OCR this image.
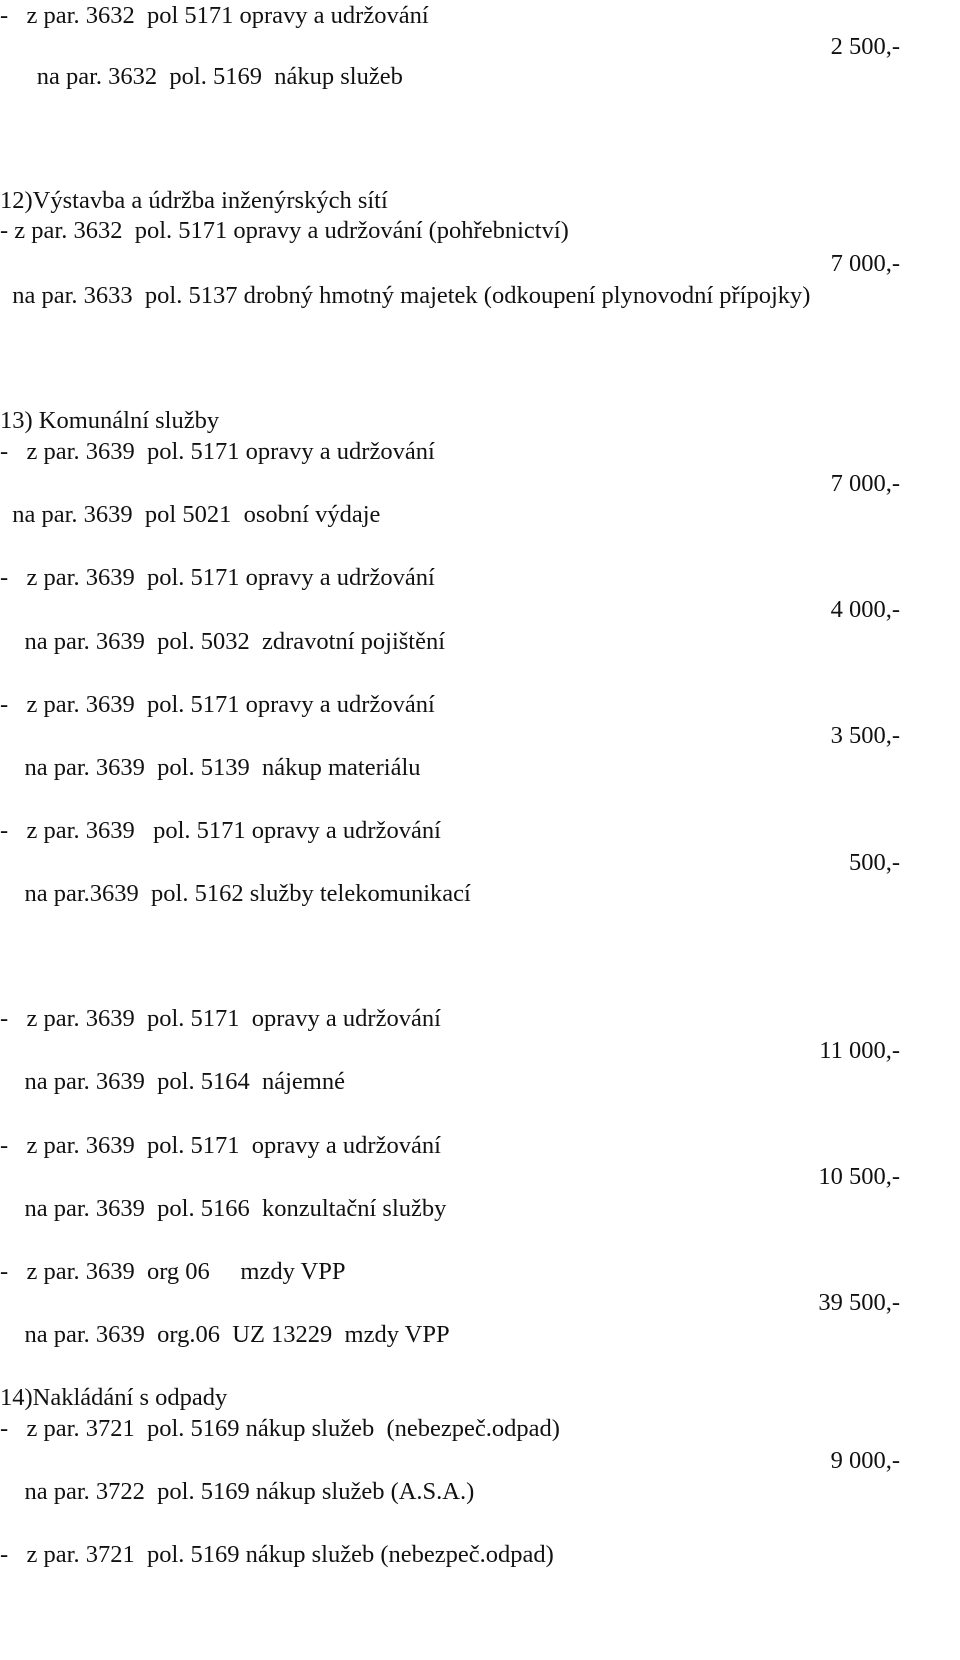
-   z par. 3632  pol 5171 opravy a udržování
2 500,-
na par. 3632  pol. 5169  nákup služeb
12)Výstavba a údržba inženýrských sítí
- z par. 3632  pol. 5171 opravy a udržování (pohřebnictví)
7 000,-
na par. 3633  pol. 5137 drobný hmotný majetek (odkoupení plynovodní přípojky)
13) Komunální služby
-   z par. 3639  pol. 5171 opravy a udržování
7 000,-
na par. 3639  pol 5021  osobní výdaje
-   z par. 3639  pol. 5171 opravy a udržování
4 000,-
na par. 3639  pol. 5032  zdravotní pojištění
-   z par. 3639  pol. 5171 opravy a udržování
3 500,-
na par. 3639  pol. 5139  nákup materiálu
-   z par. 3639   pol. 5171 opravy a udržování
500,-
na par.3639  pol. 5162 služby telekomunikací
-   z par. 3639  pol. 5171  opravy a udržování
11 000,-
na par. 3639  pol. 5164  nájemné
-   z par. 3639  pol. 5171  opravy a udržování
10 500,-
na par. 3639  pol. 5166  konzultační služby
-   z par. 3639  org 06     mzdy VPP
39 500,-
na par. 3639  org.06  UZ 13229  mzdy VPP
14)Nakládání s odpady
-   z par. 3721  pol. 5169 nákup služeb  (nebezpeč.odpad)
9 000,-
na par. 3722  pol. 5169 nákup služeb (A.S.A.)
-   z par. 3721  pol. 5169 nákup služeb (nebezpeč.odpad)
